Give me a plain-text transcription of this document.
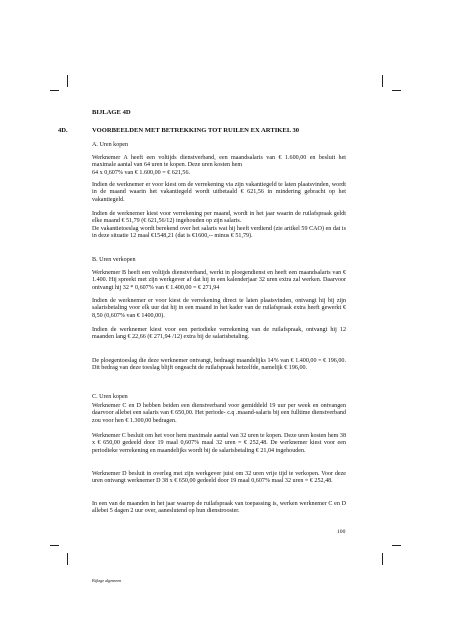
BIJLAGE 4D
4D.	VOORBEELDEN MET BETREKKING TOT RUILEN EX ARTIKEL 30
A. Uren kopen

Werknemer A heeft een voltijds dienstverband, een maandsalaris van € 1.600,00 en besluit het maximale aantal van 64 uren te kopen. Deze uren kosten hem

64 x 0,607% van € 1.600,00 = € 621,56.

Indien de werknemer er voor kiest om de verrekening via zijn vakantiegeld te laten plaatsvinden, wordt in de maand waarin het vakantiegeld wordt uitbetaald € 621,56 in mindering gebracht op het vakantiegeld.
Indien de werknemer kiest voor verrekening per maand, wordt in het jaar waarin de ruilafspraak geldt elke maand € 51,79 (€ 621,56/12) ingehouden op zijn salaris.
De vakantietoeslag wordt berekend over het salaris wat hij heeft verdiend (zie artikel 59 CAO) en dat is in deze situatie 12 maal €1548,21 (dat is €1600,-- minus € 51,79).
B. Uren verkopen
Werknemer B heeft een voltijds dienstverband, werkt in ploegendienst en heeft een maandsalaris van € 1.400. Hij spreekt met zijn werkgever af dat hij in een kalenderjaar 32 uren extra zal werken. Daarvoor ontvangt hij 32 * 0,607% van € 1.400,00 = € 271,94
Indien de werknemer er voor kiest de verrekening direct te laten plaatsvinden, ontvangt hij bij zijn salarisbetaling voor elk uur dat hij in een maand in het kader van de ruilafspraak extra heeft gewerkt € 8,50 (0,607% van € 1400,00).
Indien de werknemer kiest voor een periodieke verrekening van de ruilafspraak, ontvangt hij 12 maanden lang € 22,66 (€ 271,94 /12) extra bij de salarisbetaling.
De ploegentoeslag die deze werknemer ontvangt, bedraagt maandelijks 14% van € 1.400,00 = € 196,00. Dit bedrag van deze toeslag blijft ongeacht de ruilafspraak hetzelfde, namelijk € 196,00.
C. Uren kopen
Werknemer C en D hebben beiden een dienstverband voor gemiddeld 19 uur per week en ontvangen daarvoor allebei een salaris van € 650,00. Het periode- c.q .maand-salaris bij een fulltime dienstverband zou voor hen € 1.300,00 bedragen.
Werknemer C besluit om het voor hem maximale aantal van 32 uren te kopen. Deze uren kosten hem 38 x € 650,00 gedeeld door 19 maal 0,607% maal 32 uren = € 252,48. De werknemer kiest voor een periodieke verrekening en maandelijks wordt bij de salarisbetaling € 21,04 ingehouden.
Werknemer D besluit in overleg met zijn werkgever juist om 32 uren vrije tijd te verkopen. Voor deze uren ontvangt werknemer D 38 x € 650,00 gedeeld door 19 maal 0,607% maal 32 uren = € 252,48.
In een van de maanden in het jaar waarop de ruilafspraak van toepassing is, werken werknemer C en D allebei 5 dagen 2 uur over, aaneslutend op hun dienstrooster.
100
Bijlage algemeen
